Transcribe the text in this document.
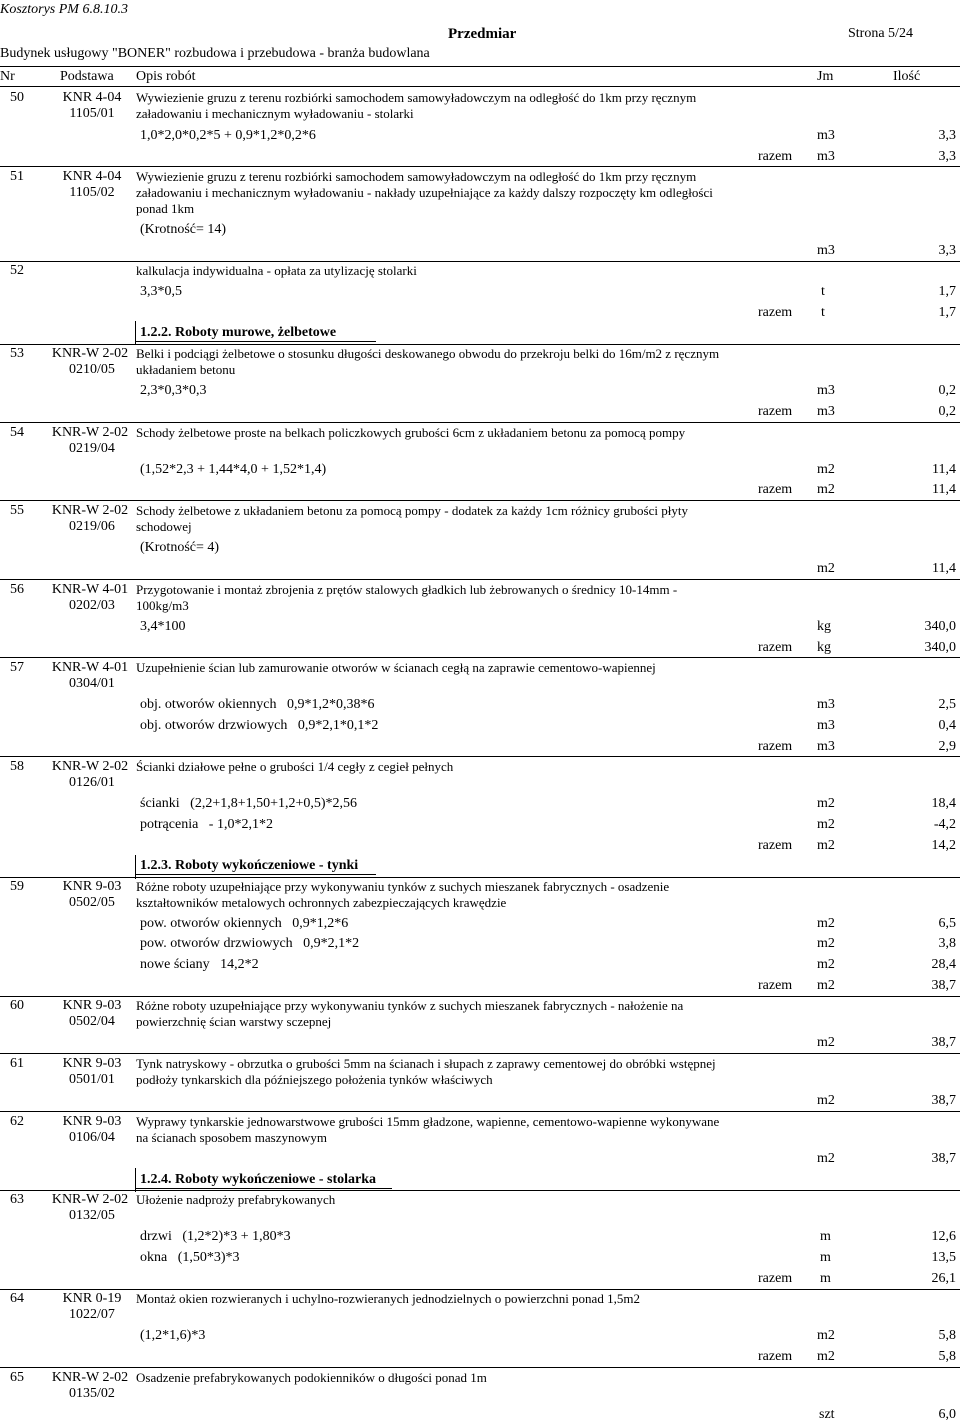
Kosztorys PM 6.8.10.3
Przedmiar	Strona 5/24
Budynek usługowy "BONER" rozbudowa i przebudowa - branża budowlana
Nr	Podstawa Opis robót	Jm	Ilość
50	KNR 4-04
1105/01
Wywiezienie gruzu z terenu rozbiórki samochodem samowyładowczym na odległość do 1km przy ręcznym
załadowaniu i mechanicznym wyładowaniu - stolarki
1,0*2,0*0,2*5 + 0,9*1,2*0,2*6	m3	3,3
razem m3	3,3
51	KNR 4-04
1105/02
Wywiezienie gruzu z terenu rozbiórki samochodem samowyładowczym na odległość do 1km przy ręcznym
załadowaniu i mechanicznym wyładowaniu - nakłady uzupełniające za każdy dalszy rozpoczęty km odległości
ponad 1km
(Krotność= 14)
m3	3,3
52	kalkulacja indywidualna - opłata za utylizację stolarki
3,3*0,5	t	1,7
razem t	1,7
1.2.2. Roboty murowe, żelbetowe
53	KNR-W 2-02
0210/05
Belki i podciągi żelbetowe o stosunku długości deskowanego obwodu do przekroju belki do 16m/m2 z ręcznym
układaniem betonu
2,3*0,3*0,3	m3	0,2
razem m3	0,2
54	KNR-W 2-02
0219/04
Schody żelbetowe proste na belkach policzkowych grubości 6cm z układaniem betonu za pomocą pompy
(1,52*2,3 + 1,44*4,0 + 1,52*1,4)	m2	11,4
razem m2	11,4
55	KNR-W 2-02
0219/06
Schody żelbetowe z układaniem betonu za pomocą pompy - dodatek za każdy 1cm różnicy grubości płyty
schodowej
(Krotność= 4)
m2	11,4
56	KNR-W 4-01
0202/03
Przygotowanie i montaż zbrojenia z prętów stalowych gładkich lub żebrowanych o średnicy 10-14mm -
100kg/m3
3,4*100	kg	340,0
razem kg	340,0
57	KNR-W 4-01
0304/01
Uzupełnienie ścian lub zamurowanie otworów w ścianach cegłą na zaprawie cementowo-wapiennej
obj. otworów okiennych   0,9*1,2*0,38*6	m3	2,5
obj. otworów drzwiowych   0,9*2,1*0,1*2	m3	0,4
razem m3	2,9
58	KNR-W 2-02
0126/01
Ścianki działowe pełne o grubości 1/4 cegły z cegieł pełnych
ścianki   (2,2+1,8+1,50+1,2+0,5)*2,56	m2	18,4
potrącenia   - 1,0*2,1*2	m2	-4,2
razem m2	14,2
1.2.3. Roboty wykończeniowe - tynki
59	KNR 9-03
0502/05
Różne roboty uzupełniające przy wykonywaniu tynków z suchych mieszanek fabrycznych - osadzenie
kształtowników metalowych ochronnych zabezpieczających krawędzie
pow. otworów okiennych   0,9*1,2*6	m2	6,5
pow. otworów drzwiowych   0,9*2,1*2	m2	3,8
nowe ściany   14,2*2	m2	28,4
razem m2	38,7
60	KNR 9-03
0502/04
Różne roboty uzupełniające przy wykonywaniu tynków z suchych mieszanek fabrycznych - nałożenie na
powierzchnię ścian warstwy sczepnej
m2	38,7
61	KNR 9-03
0501/01
Tynk natryskowy - obrzutka o grubości 5mm na ścianach i słupach z zaprawy cementowej do obróbki wstępnej
podłoży tynkarskich dla późniejszego położenia tynków właściwych
m2	38,7
62	KNR 9-03
0106/04
Wyprawy tynkarskie jednowarstwowe grubości 15mm gładzone, wapienne, cementowo-wapienne wykonywane
na ścianach sposobem maszynowym
m2	38,7
1.2.4. Roboty wykończeniowe - stolarka
63	KNR-W 2-02
0132/05
Ułożenie nadproży prefabrykowanych
drzwi   (1,2*2)*3 + 1,80*3	m	12,6
okna   (1,50*3)*3	m	13,5
razem m	26,1
64	KNR 0-19
1022/07
Montaż okien rozwieranych i uchylno-rozwieranych jednodzielnych o powierzchni ponad 1,5m2
(1,2*1,6)*3	m2	5,8
razem m2	5,8
65	KNR-W 2-02
0135/02
Osadzenie prefabrykowanych podokienników o długości ponad 1m
szt	6,0
